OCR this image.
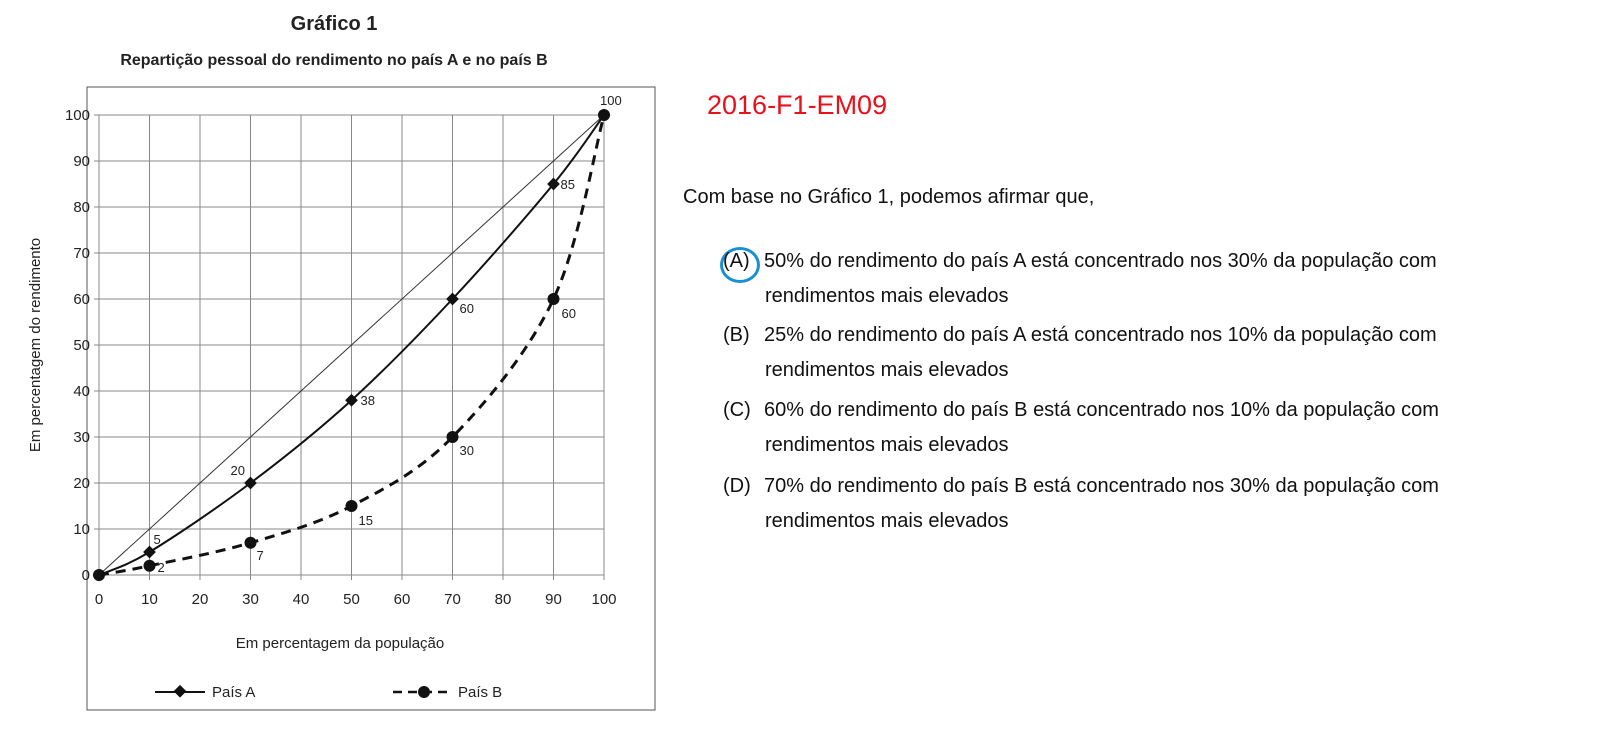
Gráfico 1
Repartição pessoal do rendimento no país A e no país B
0	10 20 30 40 50 60 70 80 90 100
0
10
20
30
40
50
60
70
80
90
100
5
20
38
60
85
100
2
7
15
30
60
Em percentagem da população
Em percentagem do rendimento
País A	País B
2016-F1-EM09
Com base no Gráfico 1, podemos afirmar que,
(A) 50% do rendimento do país A está concentrado nos 30% da população com
rendimentos mais elevados
(B) 25% do rendimento do país A está concentrado nos 10% da população com
rendimentos mais elevados
(C) 60% do rendimento do país B está concentrado nos 10% da população com
rendimentos mais elevados
(D) 70% do rendimento do país B está concentrado nos 30% da população com
rendimentos mais elevados
